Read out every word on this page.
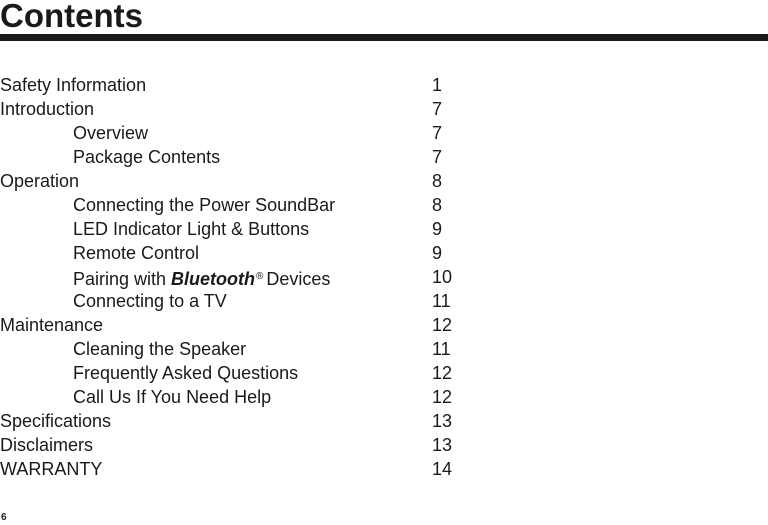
Contents
Safety Information	1
Introduction	7
Overview	7
Package Contents	7
Operation	8
Connecting the Power SoundBar	8
LED Indicator Light & Buttons	9
Remote Control	9
Pairing with Bluetooth® Devices	10
Connecting to a TV	11
Maintenance	12
Cleaning the Speaker	11
Frequently Asked Questions	12
Call Us If You Need Help	12
Specifications	13
Disclaimers	13
WARRANTY	14
6
